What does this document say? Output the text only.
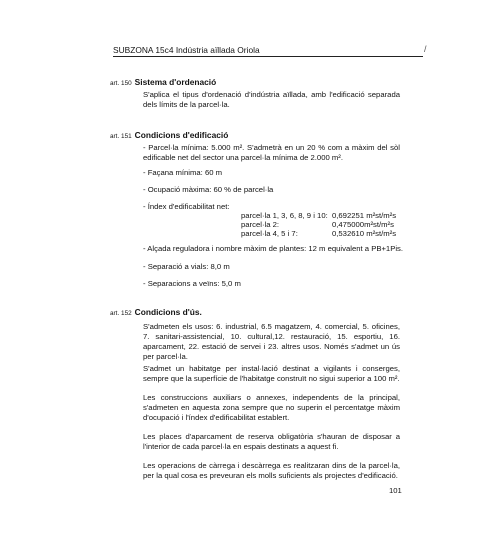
SUBZONA 15c4 Indústria aïllada Oriola	/
art. 150 Sistema d'ordenació
S'aplica el tipus d'ordenació d'indústria aïllada, amb l'edificació separada dels límits de la parcel·la.
art. 151 Condicions d'edificació
- Parcel·la mínima: 5.000 m². S'admetrà en un 20 % com a màxim del sòl edificable net del sector una parcel·la mínima de 2.000 m².
- Façana mínima: 60 m
- Ocupació màxima: 60 % de parcel·la
- Índex d'edificabilitat net:
parcel·la 1, 3, 6, 8, 9 i 10: 0,692251 m²st/m²s
parcel·la 2:	0,475000m²st/m²s
parcel·la 4, 5 i 7:	0,532610 m²st/m²s
- Alçada reguladora i nombre màxim de plantes: 12 m equivalent a PB+1Pis.
- Separació a vials: 8,0 m
- Separacions a veïns: 5,0 m
art. 152 Condicions d'ús.
S'admeten els usos: 6. industrial, 6.5 magatzem, 4. comercial, 5. oficines, 7. sanitari-assistencial, 10. cultural,12. restauració, 15. esportiu, 16. aparcament, 22. estació de servei i 23. altres usos. Només s'admet un ús per parcel·la.
S'admet un habitatge per instal·lació destinat a vigilants i conserges, sempre que la superfície de l'habitatge construït no sigui superior a 100 m².
Les construccions auxiliars o annexes, independents de la principal, s'admeten en aquesta zona sempre que no superin el percentatge màxim d'ocupació i l'índex d'edificabilitat establert.
Les places d'aparcament de reserva obligatòria s'hauran de disposar a l'interior de cada parcel·la en espais destinats a aquest fi.
Les operacions de càrrega i descàrrega es realitzaran dins de la parcel·la, per la qual cosa es preveuran els molls suficients als projectes d'edificació.
101
